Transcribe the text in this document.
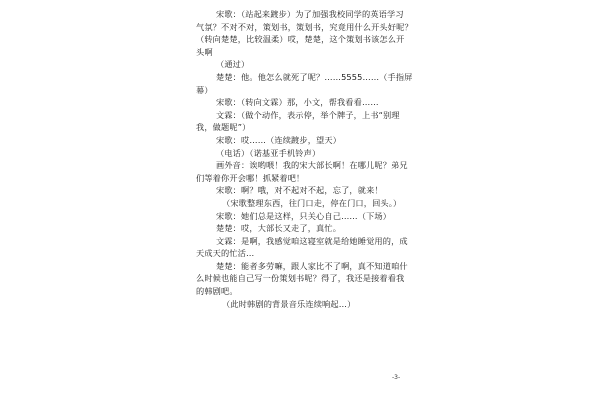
宋歌：（站起来踱步）为了加强我校同学的英语学习
气氛？不对不对，策划书，策划书，究竟用什么开头好呢？
（转向楚楚，比较温柔）哎，楚楚，这个策划书该怎么开
头啊
（通过）
楚楚：他。他怎么就死了呢？……5555……（手指屏
幕）
宋歌：（转向文霖）那，小文，帮我看看……
文霖：（做个动作，表示停，举个牌子，上书“别理
我，做题呢”）
宋歌：哎……（连续踱步，望天）
（电话）（诺基亚手机铃声）
画外音：诶哟喂！我的宋大部长啊！在哪儿呢？弟兄
们等着你开会哪！抓紧着吧！
宋歌：啊？哦，对不起对不起，忘了，就来！
（宋歌整理东西，往门口走，停在门口，回头。）
宋歌：她们总是这样，只关心自己……（下场）
楚楚：哎，大部长又走了，真忙。
文霖：是啊，我感觉咱这寝室就是给她睡觉用的，成
天成天的忙活…
楚楚：能者多劳嘛，跟人家比不了啊，真不知道咱什
么时候也能自己写一份策划书呢？得了，我还是接着看我
的韩剧吧。
（此时韩剧的背景音乐连续响起…）
-3-
